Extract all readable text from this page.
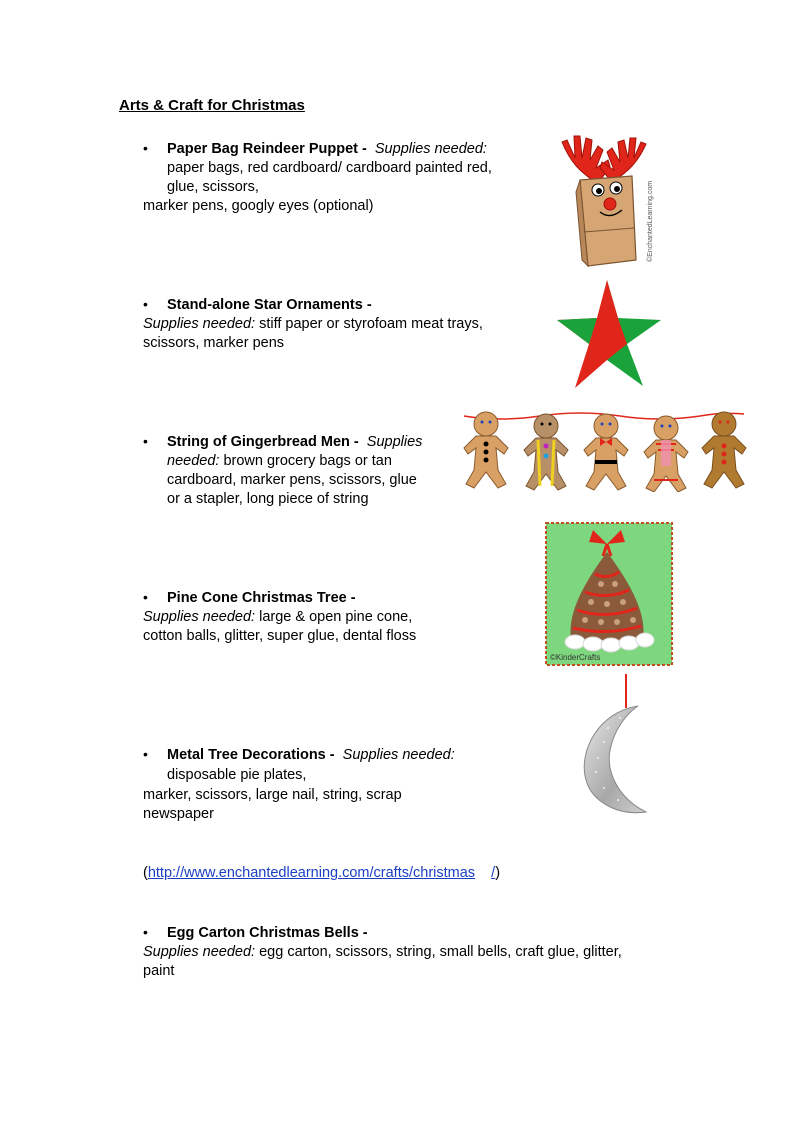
Arts & Craft for Christmas
• Paper Bag Reindeer Puppet - Supplies needed:
paper bags, red cardboard/ cardboard painted red,
glue, scissors,
marker pens, googly eyes (optional)	©EnchantedLearning.com
• Stand-alone Star Ornaments -
Supplies needed: stiff paper or styrofoam meat trays,
scissors, marker pens
• String of Gingerbread Men - Supplies
needed: brown grocery bags or tan
cardboard, marker pens, scissors, glue
or a stapler, long piece of string
• Pine Cone Christmas Tree -
Supplies needed: large & open pine cone,
cotton balls, glitter, super glue, dental floss
©KinderCrafts
• Metal Tree Decorations - Supplies needed:
disposable pie plates,
marker, scissors, large nail, string, scrap
newspaper
(http://www.enchantedlearning.com/crafts/christmas /)
• Egg Carton Christmas Bells -
Supplies needed: egg carton, scissors, string, small bells, craft glue, glitter,
paint
